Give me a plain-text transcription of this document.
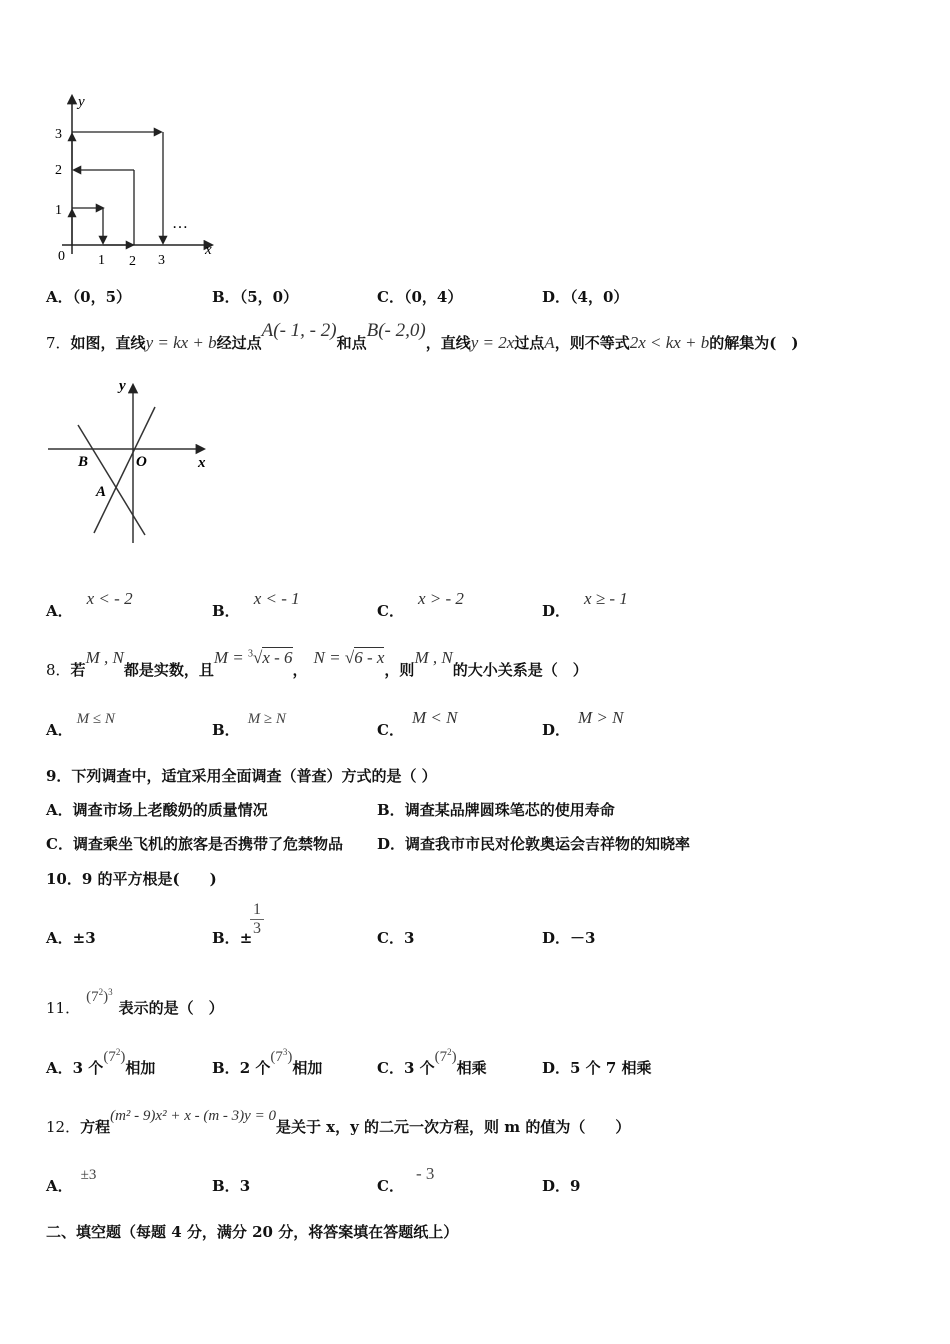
y
x
0
1
2
3
1 2 3
…
A．（0，5）	B．（5，0）	C．（0，4）	D．（4，0）
7．如图，直线y = kx + b经过点A(- 1, - 2)和点B(- 2,0)，直线y = 2x过点A，则不等式2x < kx + b的解集为(　)
y
x
B	O
A
A．x < - 2
B．x < - 1
C．x > - 2
D．x ≥ - 1
8．若M , N都是实数，且M = $^3$√x - 6，N = √6 - x，则M , N的大小关系是（　）
A．M ≤ N
B．M ≥ N
C．M < N
D．M > N
9．下列调查中，适宜采用全面调查（普查）方式的是（ ）
A．调查市场上老酸奶的质量情况	B．调查某品牌圆珠笔芯的使用寿命
C．调查乘坐飞机的旅客是否携带了危禁物品 D．调查我市市民对伦敦奥运会吉祥物的知晓率
10．9 的平方根是(　　)
A．±3	B．±
1
3
C．3	D．－3
11．$(7^2)^3$表示的是（　）
A．3 个$(7^2)$相加	B．2 个$(7^3)$相加	C．3 个$(7^2)$相乘	D．5 个 7 相乘
12．方程(m² - 9)x² + x - (m - 3)y = 0是关于 x，y 的二元一次方程，则 m 的值为（　　）
A．±3
B．3	C．- 3
D．9
二、填空题（每题 4 分，满分 20 分，将答案填在答题纸上）
